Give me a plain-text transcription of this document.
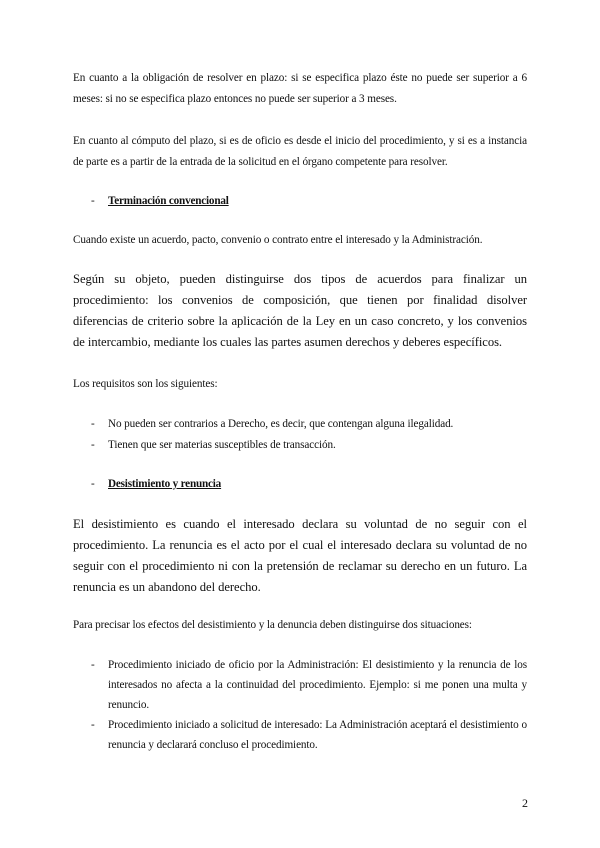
En cuanto a la obligación de resolver en plazo: si se especifica plazo éste no puede ser superior a 6 meses: si no se especifica plazo entonces no puede ser superior a 3 meses.

En cuanto al cómputo del plazo, si es de oficio es desde el inicio del procedimiento, y si es a instancia de parte es a partir de la entrada de la solicitud en el órgano competente para resolver.

- Terminación convencional

Cuando existe un acuerdo, pacto, convenio o contrato entre el interesado y la Administración.

Según su objeto, pueden distinguirse dos tipos de acuerdos para finalizar un procedimiento: los convenios de composición, que tienen por finalidad disolver diferencias de criterio sobre la aplicación de la Ley en un caso concreto, y los convenios de intercambio, mediante los cuales las partes asumen derechos y deberes específicos.

Los requisitos son los siguientes:

- No pueden ser contrarios a Derecho, es decir, que contengan alguna ilegalidad.
- Tienen que ser materias susceptibles de transacción.
- Desistimiento y renuncia

El desistimiento es cuando el interesado declara su voluntad de no seguir con el procedimiento. La renuncia es el acto por el cual el interesado declara su voluntad de no seguir con el procedimiento ni con la pretensión de reclamar su derecho en un futuro. La renuncia es un abandono del derecho.

Para precisar los efectos del desistimiento y la denuncia deben distinguirse dos situaciones:

- Procedimiento iniciado de oficio por la Administración: El desistimiento y la renuncia de los interesados no afecta a la continuidad del procedimiento. Ejemplo: si me ponen una multa y renuncio.
- Procedimiento iniciado a solicitud de interesado: La Administración aceptará el desistimiento o renuncia y declarará concluso el procedimiento.
2
